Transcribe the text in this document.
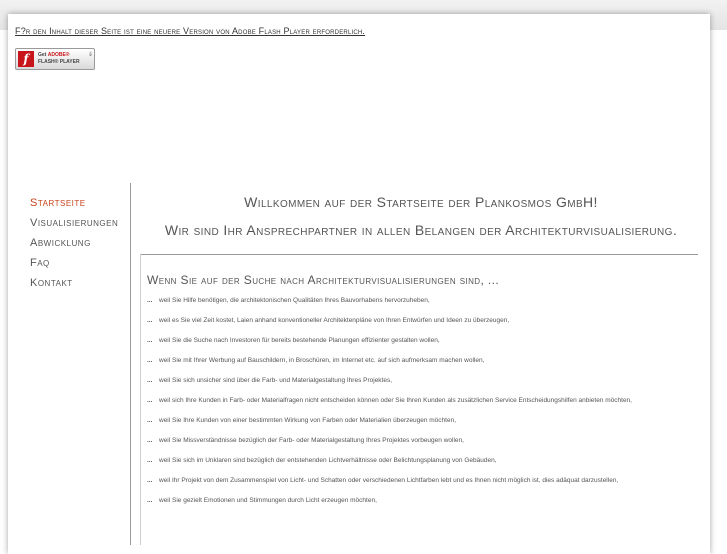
F?r den Inhalt dieser Seite ist eine neuere Version von Adobe Flash Player erforderlich.
f	Get ADOBE®
FLASH® PLAYER
⇓
Startseite
Visualisierungen
Abwicklung
Faq
Kontakt
Willkommen auf der Startseite der Plankosmos GmbH!
Wir sind Ihr Ansprechpartner in allen Belangen der Architekturvisualisierung.
Wenn Sie auf der Suche nach Architekturvisualisierungen sind, ...
... weil Sie Hilfe benötigen, die architektonischen Qualitäten Ihres Bauvorhabens hervorzuheben,
... weil es Sie viel Zeit kostet, Laien anhand konventioneller Architektenpläne von Ihren Entwürfen und Ideen zu überzeugen,
... weil Sie die Suche nach Investoren für bereits bestehende Planungen effizienter gestalten wollen,
... weil Sie mit Ihrer Werbung auf Bauschildern, in Broschüren, im Internet etc. auf sich aufmerksam machen wollen,
... weil Sie sich unsicher sind über die Farb- und Materialgestaltung Ihres Projektes,
... weil sich Ihre Kunden in Farb- oder Materialfragen nicht entscheiden können oder Sie Ihren Kunden als zusätzlichen Service Entscheidungshilfen anbieten möchten,
... weil Sie Ihre Kunden von einer bestimmten Wirkung von Farben oder Materialien überzeugen möchten,
... weil Sie Missverständnisse bezüglich der Farb- oder Materialgestaltung Ihres Projektes vorbeugen wollen,
... weil Sie sich im Unklaren sind bezüglich der entstehenden Lichtverhältnisse oder Belichtungsplanung von Gebäuden,
... weil Ihr Projekt von dem Zusammenspiel von Licht- und Schatten oder verschiedenen Lichtfarben lebt und es Ihnen nicht möglich ist, dies adäquat darzustellen,
... weil Sie gezielt Emotionen und Stimmungen durch Licht erzeugen möchten,
